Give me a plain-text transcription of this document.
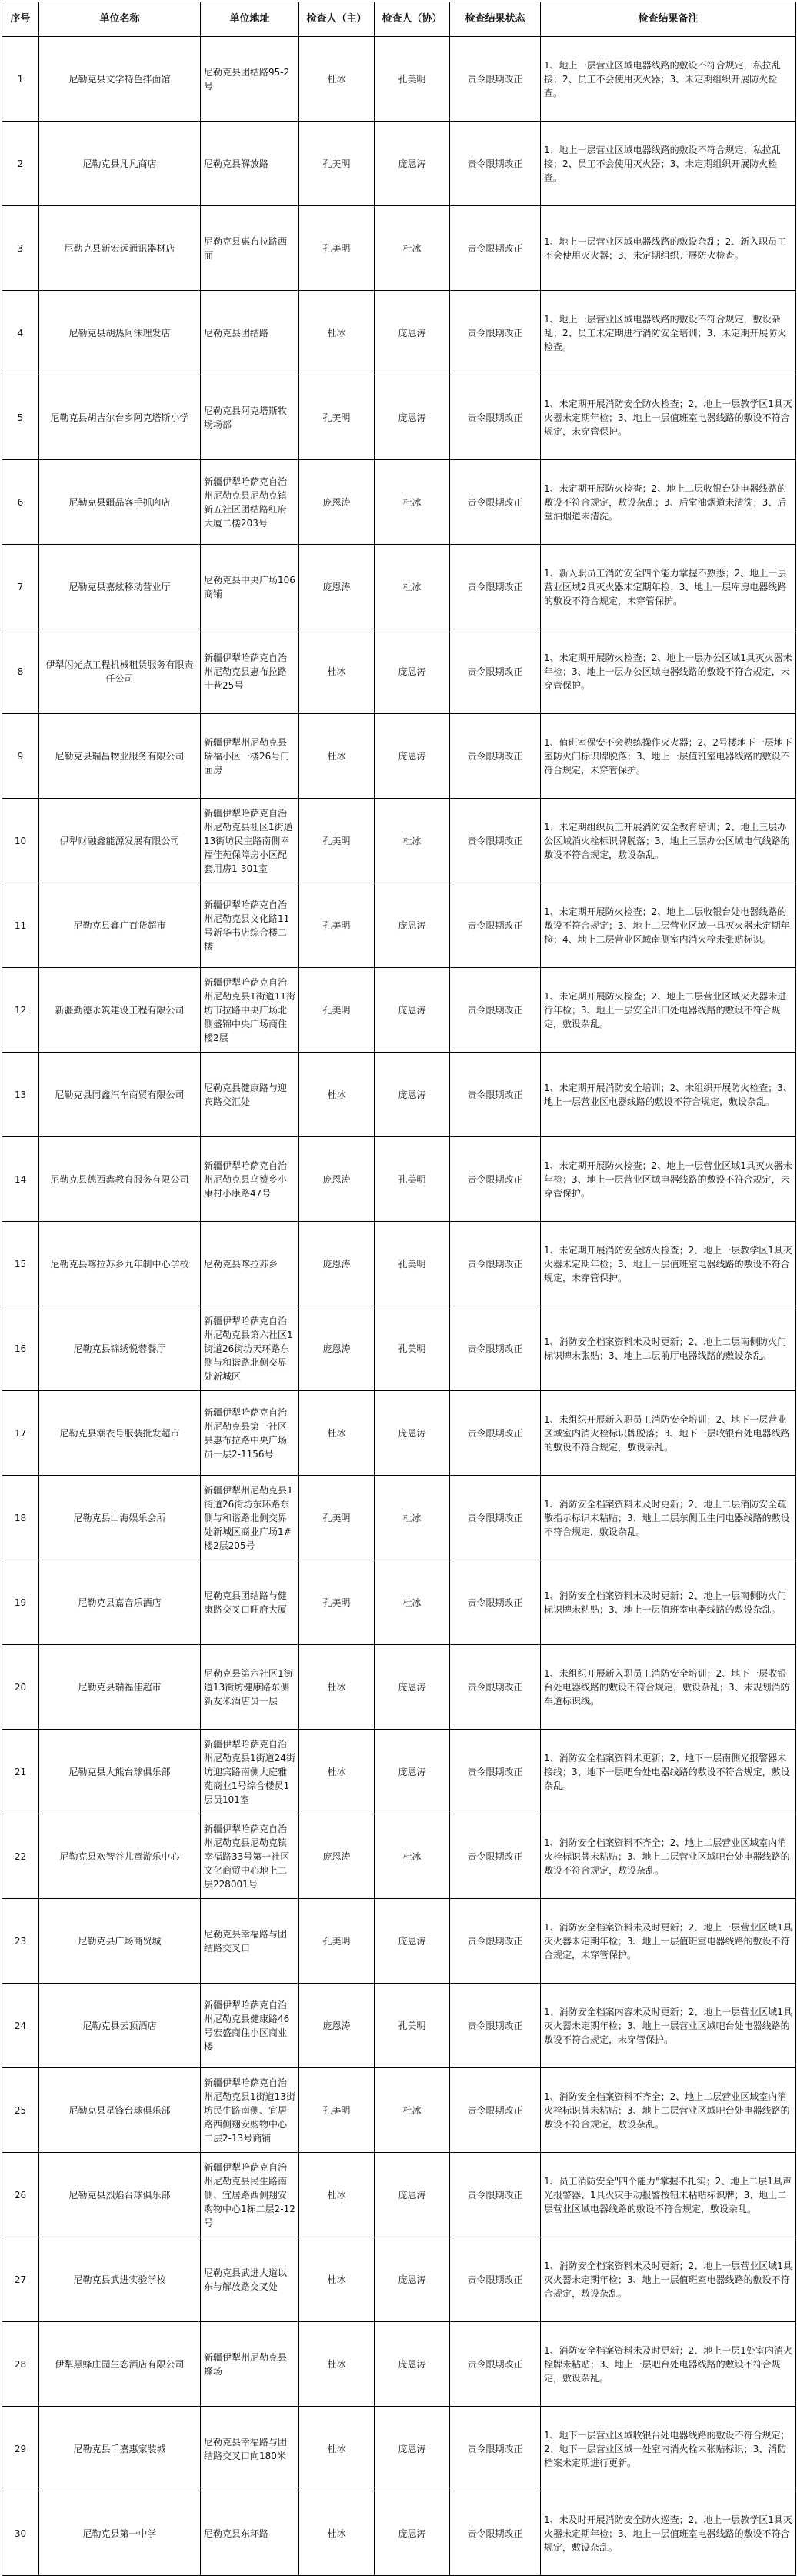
序号	单位名称	单位地址	检查人（主）	检查人（协）	检查结果状态	检查结果备注
1	尼勒克县文学特色拌面馆	尼勒克县团结路95-2号	杜冰	孔美明	责令限期改正	1、地上一层营业区域电器线路的敷设不符合规定，私拉乱接；2、员工不会使用灭火器；3、未定期组织开展防火检查。
2	尼勒克县凡凡商店	尼勒克县解放路	孔美明	庞恩涛	责令限期改正	1、地上一层营业区域电器线路的敷设不符合规定，私拉乱接；2、员工不会使用灭火器；3、未定期组织开展防火检查。
3	尼勒克县新宏远通讯器材店	尼勒克县惠布拉路西面	孔美明	杜冰	责令限期改正	1、地上一层营业区域电器线路的敷设杂乱；2、新入职员工不会使用灭火器；3、未定期组织开展防火检查。
4	尼勒克县胡热阿沫理发店	尼勒克县团结路	杜冰	庞恩涛	责令限期改正	1、地上一层营业区域电器线路的敷设不符合规定，敷设杂乱；2、员工未定期进行消防安全培训；3、未定期开展防火检查。
5	尼勒克县胡吉尔台乡阿克塔斯小学	尼勒克县阿克塔斯牧场场部	孔美明	庞恩涛	责令限期改正	1、未定期开展消防安全防火检查；2、地上一层教学区1具灭火器未定期年检；3、地上一层值班室电器线路的敷设不符合规定，未穿管保护。
6	尼勒克县疆品客手抓肉店	新疆伊犁哈萨克自治州尼勒克县尼勒克镇新五社区团结路红府大厦二楼203号	庞恩涛	杜冰	责令限期改正	1、未定期开展防火检查；2、地上二层收银台处电器线路的敷设不符合规定，敷设杂乱；3、后堂油烟道未清洗；3、后堂油烟道未清洗。
7	尼勒克县嘉炫移动营业厅	尼勒克县中央广场106商铺	庞恩涛	杜冰	责令限期改正	1、新入职员工消防安全四个能力掌握不熟悉；2、地上一层营业区域2具灭火器未定期年检；3、地上一层库房电器线路的敷设不符合规定，未穿管保护。
8	伊犁闪光点工程机械租赁服务有限责任公司	新疆伊犁哈萨克自治州尼勒克县惠布拉路十巷25号	杜冰	庞恩涛	责令限期改正	1、未定期开展防火检查；2、地上一层办公区域1具灭火器未年检；3、地上一层办公区域电器线路的敷设不符合规定，未穿管保护。
9	尼勒克县瑞昌物业服务有限公司	新疆伊犁州尼勒克县瑞福小区一楼26号门面房	杜冰	庞恩涛	责令限期改正	1、值班室保安不会熟练操作灭火器；2、2号楼地下一层地下室防火门标识牌脱落；3、地上一层值班室电器线路的敷设不符合规定，未穿管保护。
10	伊犁财融鑫能源发展有限公司	新疆伊犁哈萨克自治州尼勒克县社区1街道13街坊民主路南侧幸福佳苑保障房小区配套用房1-301室	孔美明	杜冰	责令限期改正	1、未定期组织员工开展消防安全教育培训；2、地上三层办公区域消火栓标识牌脱落；3、地上三层办公区域电气线路的敷设不符合规定，敷设杂乱。
11	尼勒克县鑫广百货超市	新疆伊犁哈萨克自治州尼勒克县文化路11号新华书店综合楼二楼	孔美明	庞恩涛	责令限期改正	1、未定期开展防火检查；2、地上二层收银台处电器线路的敷设不符合规定；3、地上二层营业区域一具灭火器未定期年检；4、地上二层营业区域南侧室内消火栓未张贴标识。
12	新疆勤德永筑建设工程有限公司	新疆伊犁哈萨克自治州尼勒克县1街道11街坊市拉路中央广场北侧盛锦中央广场商住楼2层	孔美明	庞恩涛	责令限期改正	1、未定期开展防火检查；2、地上二层营业区域灭火器未进行年检；3、地上一层安全出口处电器线路的敷设不符合规定，敷设杂乱。
13	尼勒克县同鑫汽车商贸有限公司	尼勒克县健康路与迎宾路交汇处	杜冰	庞恩涛	责令限期改正	1、未定期开展消防安全培训；2、未组织开展防火检查；3、地上一层营业区电器线路的敷设不符合规定，敷设杂乱。
14	尼勒克县德西鑫教育服务有限公司	新疆伊犁哈萨克自治州尼勒克县乌赞乡小康村小康路47号	庞恩涛	孔美明	责令限期改正	1、未定期开展防火检查；2、地上一层营业区域1具灭火器未年检；3、地上一层营业区域电器线路的敷设不符合规定，未穿管保护。
15	尼勒克县喀拉苏乡九年制中心学校	尼勒克县喀拉苏乡	庞恩涛	孔美明	责令限期改正	1、未定期开展消防安全防火检查；2、地上一层教学区1具灭火器未定期年检；3、地上一层值班室电器线路的敷设不符合规定，未穿管保护。
16	尼勒克县锦绣悦蓉餐厅	新疆伊犁哈萨克自治州尼勒克县第六社区1街道26街坊天环路东侧与和谐路北侧交界处新城区	庞恩涛	孔美明	责令限期改正	1、消防安全档案资料未及时更新；2、地上二层南侧防火门标识牌未张贴；3、地上二层前厅电器线路的敷设杂乱。
17	尼勒克县潮衣号服装批发超市	新疆伊犁哈萨克自治州尼勒克县第一社区县惠布拉路中央广场员一层2-1156号	杜冰	庞恩涛	责令限期改正	1、未组织开展新入职员工消防安全培训；2、地下一层营业区域室内消火栓标识牌脱落；3、地下一层收银台处电器线路的敷设不符合规定，敷设杂乱。
18	尼勒克县山海娱乐会所	新疆伊犁州尼勒克县1街道26街坊东环路东侧与和谐路北侧交界处新城区商业广场1#楼2层205号	孔美明	杜冰	责令限期改正	1、消防安全档案资料未及时更新；2、地上二层消防安全疏散指示标识未粘贴；3、地上二层东侧卫生间电器线路的敷设不符合规定，敷设杂乱。
19	尼勒克县嘉音乐酒店	尼勒克县团结路与健康路交叉口旺府大厦	孔美明	杜冰	责令限期改正	1、消防安全档案资料未及时更新；2、地上一层南侧防火门标识牌未粘贴；3、地上一层值班室电器线路的敷设杂乱。
20	尼勒克县瑞福佳超市	尼勒克县第六社区1街道13街坊健康路东侧新友米酒店员一层	杜冰	庞恩涛	责令限期改正	1、未组织开展新入职员工消防安全培训；2、地下一层收银台处电器线路的敷设不符合规定，敷设杂乱；3、未规划消防车道标识线。
21	尼勒克县大熊台球俱乐部	新疆伊犁哈萨克自治州尼勒克县1街道24街坊迎宾路南侧大庭雅苑商业1号综合楼员1层员101室	杜冰	庞恩涛	责令限期改正	1、消防安全档案资料未更新；2、地下一层南侧光报警器未接线；3、地下一层吧台处电器线路的敷设不符合规定，敷设杂乱。
22	尼勒克县欢智谷儿童游乐中心	新疆伊犁哈萨克自治州尼勒克县尼勒克镇幸福路33号第一社区文化商贸中心地上二层228001号	庞恩涛	杜冰	责令限期改正	1、消防安全档案资料不齐全；2、地上二层营业区域室内消火栓标识牌未粘贴；3、地上二层营业区域吧台处电器线路的敷设不符合规定，敷设杂乱。
23	尼勒克县广场商贸城	尼勒克县幸福路与团结路交叉口	孔美明	庞恩涛	责令限期改正	1、消防安全档案资料未及时更新；2、地上一层营业区域1具灭火器未定期年检；3、地上一层值班室电器线路的敷设不符合规定，未穿管保护。
24	尼勒克县云顶酒店	新疆伊犁哈萨克自治州尼勒克县健康路46号宏盛商住小区商业楼	庞恩涛	孔美明	责令限期改正	1、消防安全档案内容未及时更新；2、地上一层营业区域1具灭火器未定期年检；3、地上一层营业区域吧台处电器线路的敷设不符合规定，未穿管保护。
25	尼勒克县星锋台球俱乐部	新疆伊犁哈萨克自治州尼勒克县1街道13街坊民生路南侧、宜居路西侧翔安购物中心二层2-13号商铺	孔美明	杜冰	责令限期改正	1、消防安全档案资料不齐全；2、地上二层营业区域室内消火栓标识牌未粘贴；3、地上二层营业区域吧台处电器线路的敷设不符合规定，敷设杂乱。
26	尼勒克县烈焰台球俱乐部	新疆伊犁哈萨克自治州尼勒克县民生路南侧、宜居路西侧翔安购物中心1栋二层2-12号	杜冰	庞恩涛	责令限期改正	1、员工消防安全"四个能力"掌握不扎实；2、地上二层1具声光报警器、1具火灾手动报警按钮未粘贴标识牌；3、地上二层营业区域电器线路的敷设不符合规定，敷设杂乱。
27	尼勒克县武进实验学校	尼勒克县武进大道以东与解放路交叉处	杜冰	庞恩涛	责令限期改正	1、消防安全档案资料未及时更新；2、地上一层营业区域1具灭火器未定期年检；3、地上一层值班室电器线路的敷设不符合规定，敷设杂乱。
28	伊犁黑蜂庄园生态酒店有限公司	新疆伊犁州尼勒克县蜂场	杜冰	庞恩涛	责令限期改正	1、消防安全档案资料未及时更新；2、地上一层1处室内消火栓牌未粘贴；3、地上一层吧台处电器线路的敷设不符合规定，敷设杂乱。
29	尼勒克县千嘉惠家装城	尼勒克县幸福路与团结路交叉口向180米	杜冰	庞恩涛	责令限期改正	1、地下一层营业区域收银台处电器线路的敷设不符合规定；2、地下一层营业区域一处室内消火栓未张贴标识；3、消防档案未定期进行更新。
30	尼勒克县第一中学	尼勒克县东环路	杜冰	庞恩涛	责令限期改正	1、未及时开展消防安全防火巡查；2、地上一层教学区1具灭火器未定期年检；3、地上一层值班室电器线路的敷设不符合规定，敷设杂乱。
